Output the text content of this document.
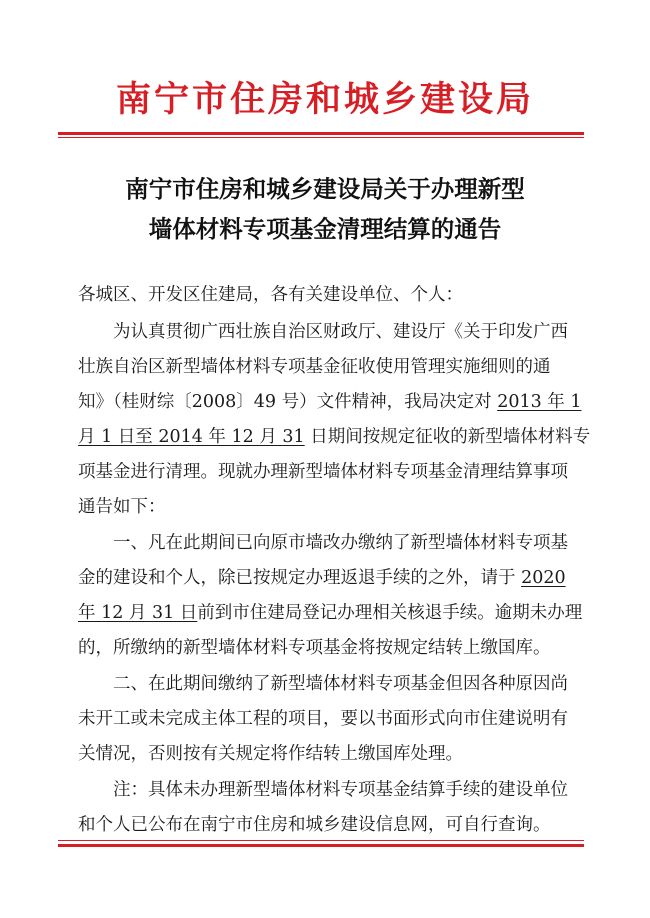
南宁市住房和城乡建设局
南宁市住房和城乡建设局关于办理新型
墙体材料专项基金清理结算的通告
各城区、开发区住建局，各有关建设单位、个人：
为认真贯彻广西壮族自治区财政厅、建设厅《关于印发广西
壮族自治区新型墙体材料专项基金征收使用管理实施细则的通
知》（桂财综〔2008〕49 号）文件精神，我局决定对 2013 年 1
月 1 日至 2014 年 12 月 31 日期间按规定征收的新型墙体材料专
项基金进行清理。现就办理新型墙体材料专项基金清理结算事项
通告如下：
一、凡在此期间已向原市墙改办缴纳了新型墙体材料专项基
金的建设和个人，除已按规定办理返退手续的之外，请于 2020
年 12 月 31 日前到市住建局登记办理相关核退手续。逾期未办理
的，所缴纳的新型墙体材料专项基金将按规定结转上缴国库。
二、在此期间缴纳了新型墙体材料专项基金但因各种原因尚
未开工或未完成主体工程的项目，要以书面形式向市住建说明有
关情况，否则按有关规定将作结转上缴国库处理。
注：具体未办理新型墙体材料专项基金结算手续的建设单位
和个人已公布在南宁市住房和城乡建设信息网，可自行查询。
